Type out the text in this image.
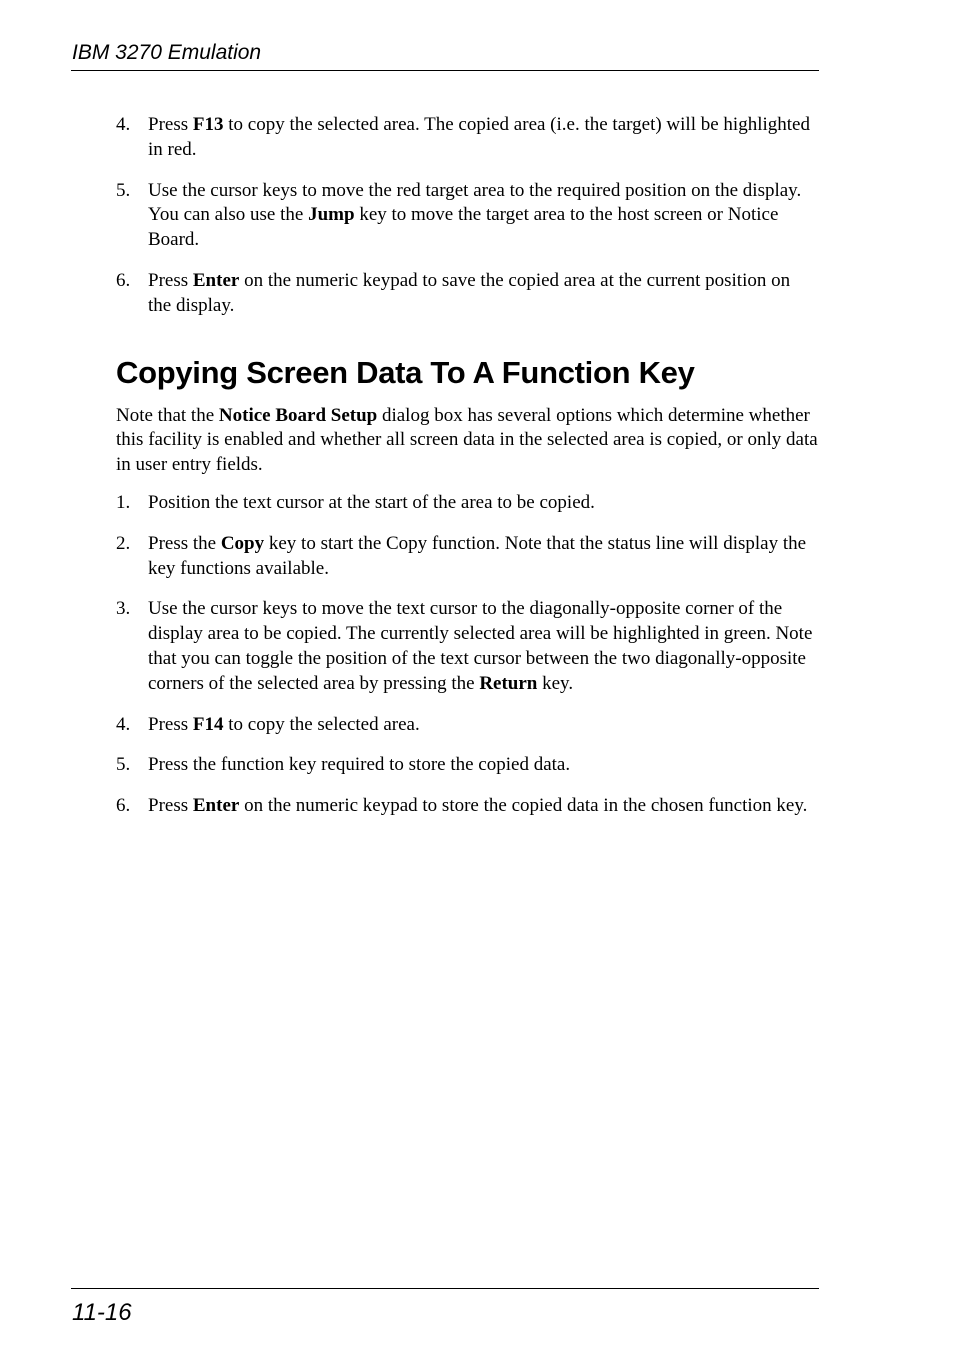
IBM 3270 Emulation
4. Press F13 to copy the selected area. The copied area (i.e. the target) will be highlighted in red.
5. Use the cursor keys to move the red target area to the required position on the display. You can also use the Jump key to move the target area to the host screen or Notice Board.
6. Press Enter on the numeric keypad to save the copied area at the current position on the display.
Copying Screen Data To A Function Key

Note that the Notice Board Setup dialog box has several options which determine whether this facility is enabled and whether all screen data in the selected area is copied, or only data in user entry fields.

1. Position the text cursor at the start of the area to be copied.
2. Press the Copy key to start the Copy function. Note that the status line will display the key functions available.
3. Use the cursor keys to move the text cursor to the diagonally-opposite corner of the display area to be copied. The currently selected area will be highlighted in green. Note that you can toggle the position of the text cursor between the two diagonally-opposite corners of the selected area by pressing the Return key.
4. Press F14 to copy the selected area.
5. Press the function key required to store the copied data.
6. Press Enter on the numeric keypad to store the copied data in the chosen function key.
11-16
